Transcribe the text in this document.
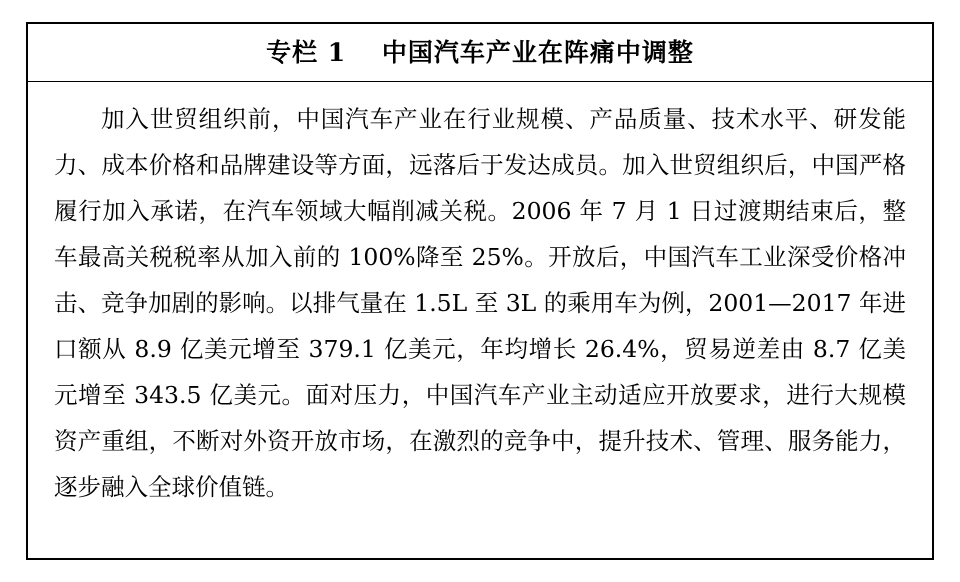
专栏 1　 中国汽车产业在阵痛中调整

加入世贸组织前，中国汽车产业在行业规模、产品质量、技术水平、研发能力、成本价格和品牌建设等方面，远落后于发达成员。加入世贸组织后，中国严格履行加入承诺，在汽车领域大幅削减关税。2006 年 7 月 1 日过渡期结束后，整车最高关税税率从加入前的 100%降至 25%。开放后，中国汽车工业深受价格冲击、竞争加剧的影响。以排气量在 1.5L 至 3L 的乘用车为例，2001—2017 年进口额从 8.9 亿美元增至 379.1 亿美元，年均增长 26.4%，贸易逆差由 8.7 亿美元增至 343.5 亿美元。面对压力，中国汽车产业主动适应开放要求，进行大规模资产重组，不断对外资开放市场，在激烈的竞争中，提升技术、管理、服务能力，逐步融入全球价值链。
